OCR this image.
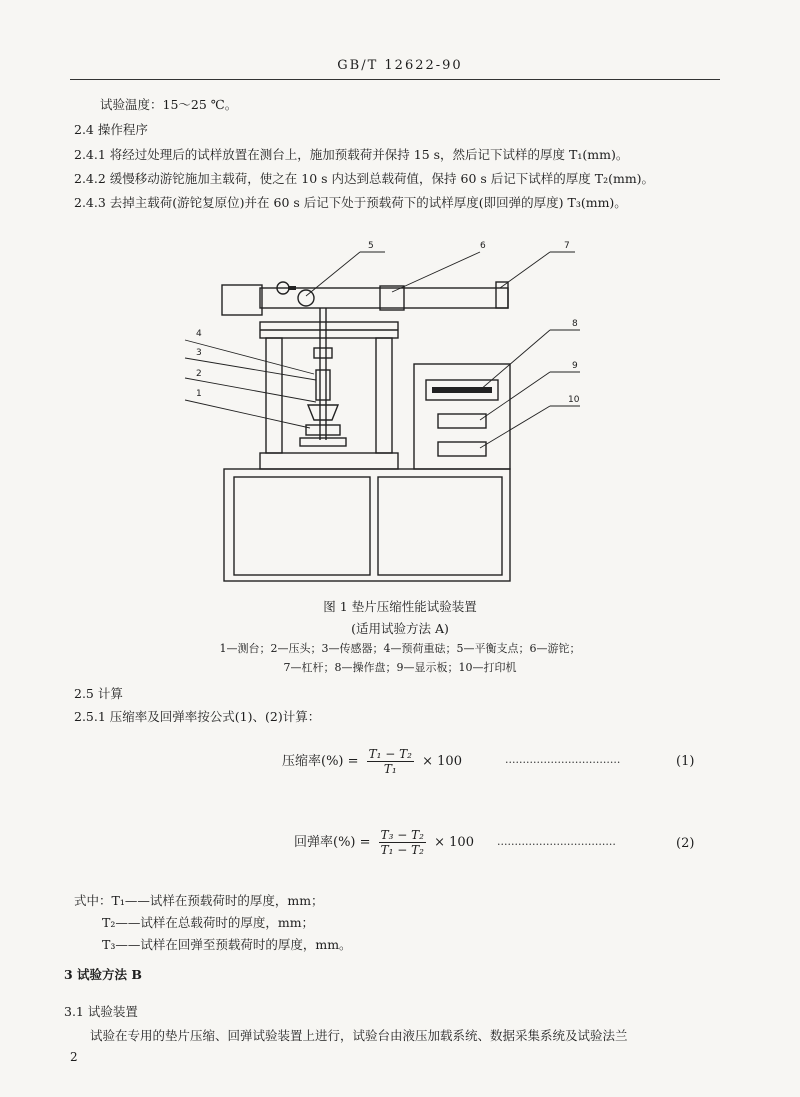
GB/T 12622-90
试验温度：15～25 ℃。
2.4 操作程序
2.4.1 将经过处理后的试样放置在测台上，施加预载荷并保持 15 s，然后记下试样的厚度 T₁(mm)。
2.4.2 缓慢移动游铊施加主载荷，使之在 10 s 内达到总载荷值，保持 60 s 后记下试样的厚度 T₂(mm)。
2.4.3 去掉主载荷(游铊复原位)并在 60 s 后记下处于预载荷下的试样厚度(即回弹的厚度) T₃(mm)。
4
3
2
1
5	6	7
8
9
10
图 1 垫片压缩性能试验装置
(适用试验方法 A)
1—测台；2—压头；3—传感器；4—预荷重砝；5—平衡支点；6—游铊；
7—杠杆；8—操作盘；9—显示板；10—打印机
2.5 计算
2.5.1 压缩率及回弹率按公式(1)、(2)计算：
压缩率(%) = $\frac{\text{T₁ − T₂}}{\text{T₁}} \times 100$	·································	(1)
回弹率(%) = $\frac{\text{T₃ − T₂}}{\text{T₁ − T₂}} \times 100$ ··································	(2)
式中：T₁——试样在预载荷时的厚度，mm；
T₂——试样在总载荷时的厚度，mm；
T₃——试样在回弹至预载荷时的厚度，mm。
3 试验方法 B
3.1 试验装置
试验在专用的垫片压缩、回弹试验装置上进行，试验台由液压加载系统、数据采集系统及试验法兰
2
